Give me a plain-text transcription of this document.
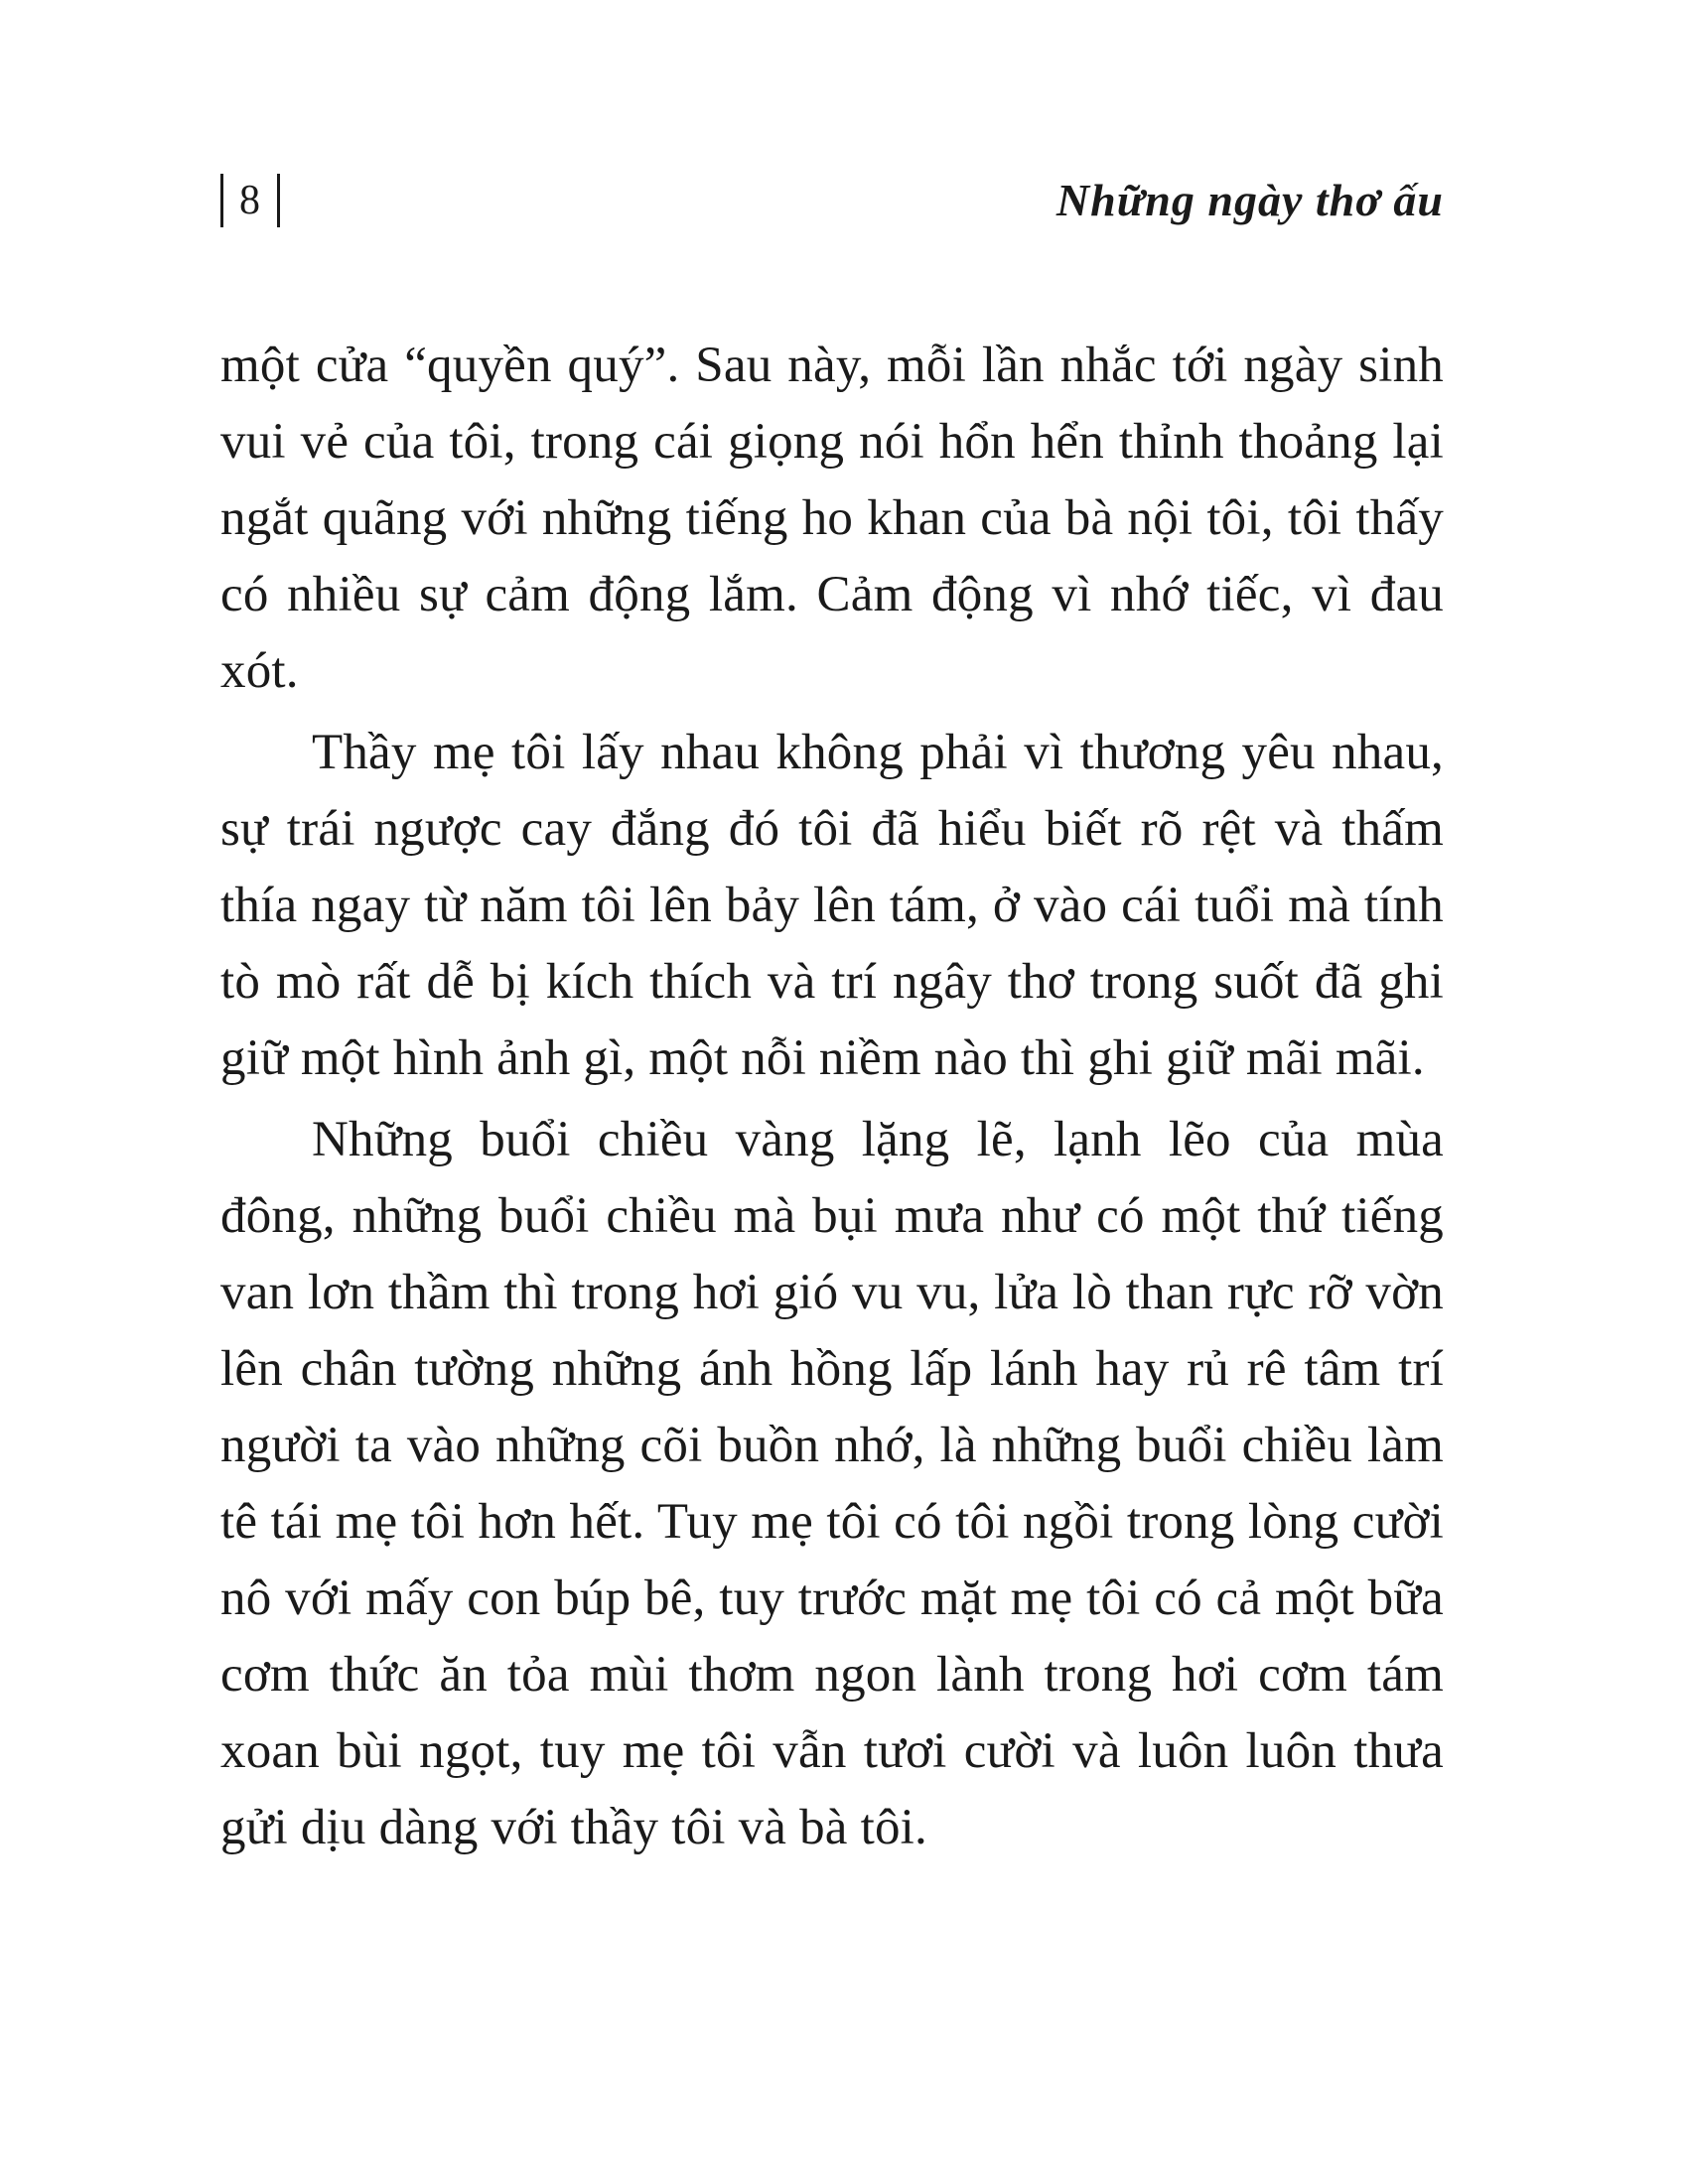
8	Những ngày thơ ấu

một cửa “quyền quý”. Sau này, mỗi lần nhắc tới ngày sinh vui vẻ của tôi, trong cái giọng nói hổn hển thỉnh thoảng lại ngắt quãng với những tiếng ho khan của bà nội tôi, tôi thấy có nhiều sự cảm động lắm. Cảm động vì nhớ tiếc, vì đau xót.

Thầy mẹ tôi lấy nhau không phải vì thương yêu nhau, sự trái ngược cay đắng đó tôi đã hiểu biết rõ rệt và thấm thía ngay từ năm tôi lên bảy lên tám, ở vào cái tuổi mà tính tò mò rất dễ bị kích thích và trí ngây thơ trong suốt đã ghi giữ một hình ảnh gì, một nỗi niềm nào thì ghi giữ mãi mãi.

Những buổi chiều vàng lặng lẽ, lạnh lẽo của mùa đông, những buổi chiều mà bụi mưa như có một thứ tiếng van lơn thầm thì trong hơi gió vu vu, lửa lò than rực rỡ vờn lên chân tường những ánh hồng lấp lánh hay rủ rê tâm trí người ta vào những cõi buồn nhớ, là những buổi chiều làm tê tái mẹ tôi hơn hết. Tuy mẹ tôi có tôi ngồi trong lòng cười nô với mấy con búp bê, tuy trước mặt mẹ tôi có cả một bữa cơm thức ăn tỏa mùi thơm ngon lành trong hơi cơm tám xoan bùi ngọt, tuy mẹ tôi vẫn tươi cười và luôn luôn thưa gửi dịu dàng với thầy tôi và bà tôi.
